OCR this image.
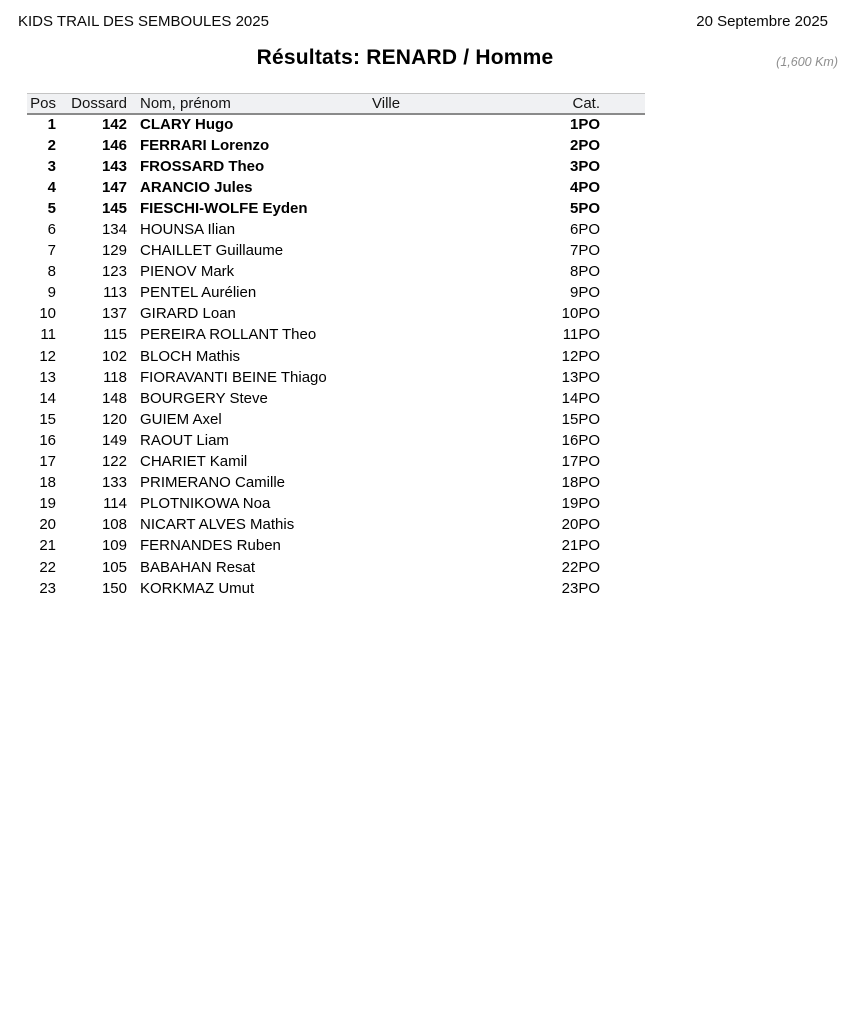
KIDS TRAIL DES SEMBOULES 2025	20 Septembre 2025
Résultats: RENARD / Homme	(1,600 Km)
Pos	Dossard	Nom, prénom	Ville	Cat.	
1	142	CLARY Hugo		1PO	
2	146	FERRARI Lorenzo		2PO	
3	143	FROSSARD Theo		3PO	
4	147	ARANCIO Jules		4PO	
5	145	FIESCHI-WOLFE Eyden		5PO	
6	134	HOUNSA Ilian		6PO	
7	129	CHAILLET Guillaume		7PO	
8	123	PIENOV Mark		8PO	
9	113	PENTEL Aurélien		9PO	
10	137	GIRARD Loan		10PO	
11	115	PEREIRA ROLLANT Theo		11PO	
12	102	BLOCH Mathis		12PO	
13	118	FIORAVANTI BEINE Thiago		13PO	
14	148	BOURGERY Steve		14PO	
15	120	GUIEM Axel		15PO	
16	149	RAOUT Liam		16PO	
17	122	CHARIET Kamil		17PO	
18	133	PRIMERANO Camille		18PO	
19	114	PLOTNIKOWA Noa		19PO	
20	108	NICART ALVES Mathis		20PO	
21	109	FERNANDES Ruben		21PO	
22	105	BABAHAN Resat		22PO	
23	150	KORKMAZ Umut		23PO	
